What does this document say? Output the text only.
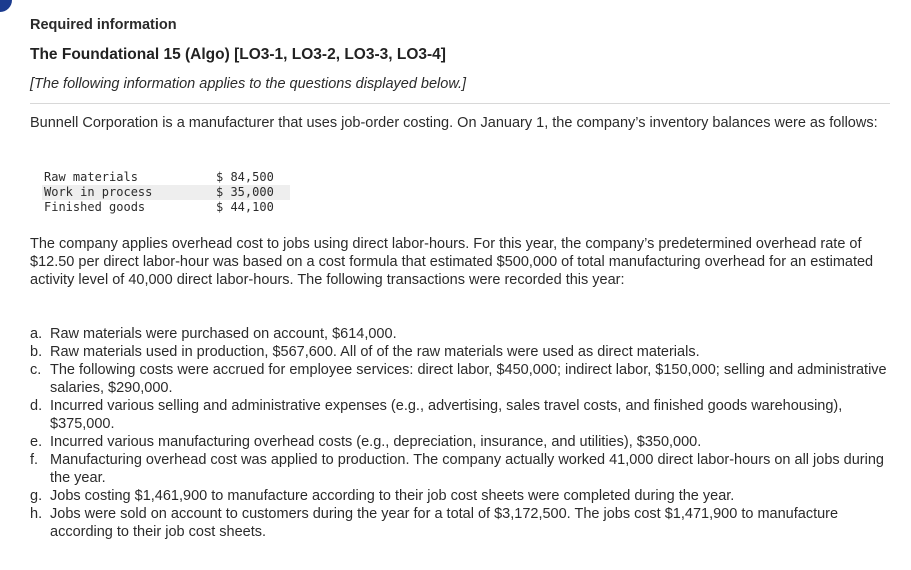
Required information
The Foundational 15 (Algo) [LO3-1, LO3-2, LO3-3, LO3-4]
[The following information applies to the questions displayed below.]
Bunnell Corporation is a manufacturer that uses job-order costing. On January 1, the company’s inventory balances were as follows:
Raw materials	$ 84,500
Work in process	$ 35,000
Finished goods	$ 44,100
The company applies overhead cost to jobs using direct labor-hours. For this year, the company’s predetermined overhead rate of $12.50 per direct labor-hour was based on a cost formula that estimated $500,000 of total manufacturing overhead for an estimated activity level of 40,000 direct labor-hours. The following transactions were recorded this year:
a. Raw materials were purchased on account, $614,000.
b. Raw materials used in production, $567,600. All of of the raw materials were used as direct materials.
c. The following costs were accrued for employee services: direct labor, $450,000; indirect labor, $150,000; selling and administrative salaries, $290,000.
d. Incurred various selling and administrative expenses (e.g., advertising, sales travel costs, and finished goods warehousing), $375,000.
e. Incurred various manufacturing overhead costs (e.g., depreciation, insurance, and utilities), $350,000.
f. Manufacturing overhead cost was applied to production. The company actually worked 41,000 direct labor-hours on all jobs during the year.
g. Jobs costing $1,461,900 to manufacture according to their job cost sheets were completed during the year.
h. Jobs were sold on account to customers during the year for a total of $3,172,500. The jobs cost $1,471,900 to manufacture according to their job cost sheets.
